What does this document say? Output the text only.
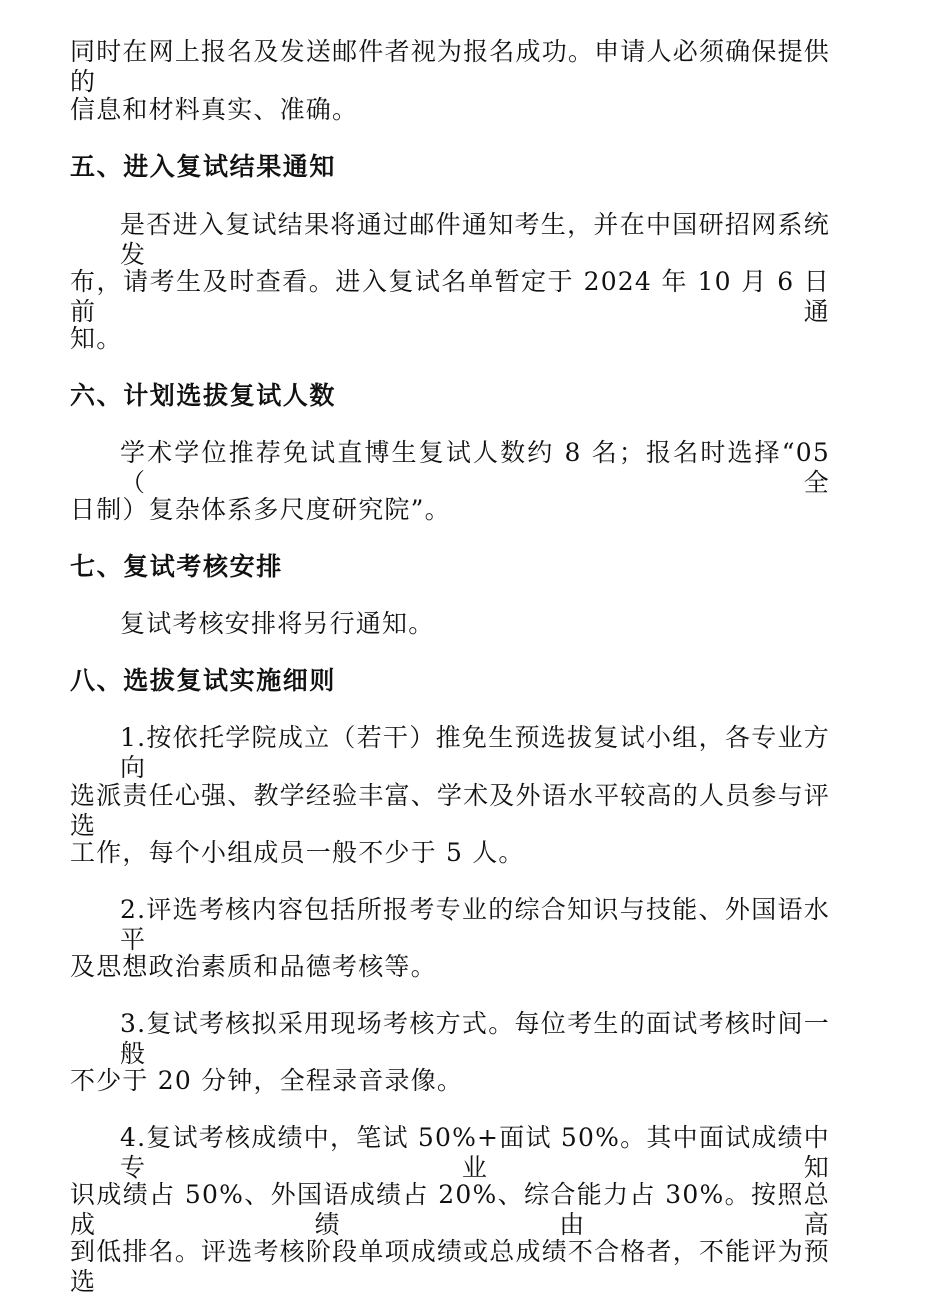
同时在网上报名及发送邮件者视为报名成功。申请人必须确保提供的
信息和材料真实、准确。
五、进入复试结果通知
是否进入复试结果将通过邮件通知考生，并在中国研招网系统发
布，请考生及时查看。进入复试名单暂定于 2024 年 10 月 6 日前通
知。
六、计划选拔复试人数
学术学位推荐免试直博生复试人数约 8 名；报名时选择“05（全
日制）复杂体系多尺度研究院”。
七、复试考核安排
复试考核安排将另行通知。
八、选拔复试实施细则
1.按依托学院成立（若干）推免生预选拔复试小组，各专业方向
选派责任心强、教学经验丰富、学术及外语水平较高的人员参与评选
工作，每个小组成员一般不少于 5 人。
2.评选考核内容包括所报考专业的综合知识与技能、外国语水平
及思想政治素质和品德考核等。
3.复试考核拟采用现场考核方式。每位考生的面试考核时间一般
不少于 20 分钟，全程录音录像。
4.复试考核成绩中，笔试 50%+面试 50%。其中面试成绩中专业知
识成绩占 50%、外国语成绩占 20%、综合能力占 30%。按照总成绩由高
到低排名。评选考核阶段单项成绩或总成绩不合格者，不能评为预选
